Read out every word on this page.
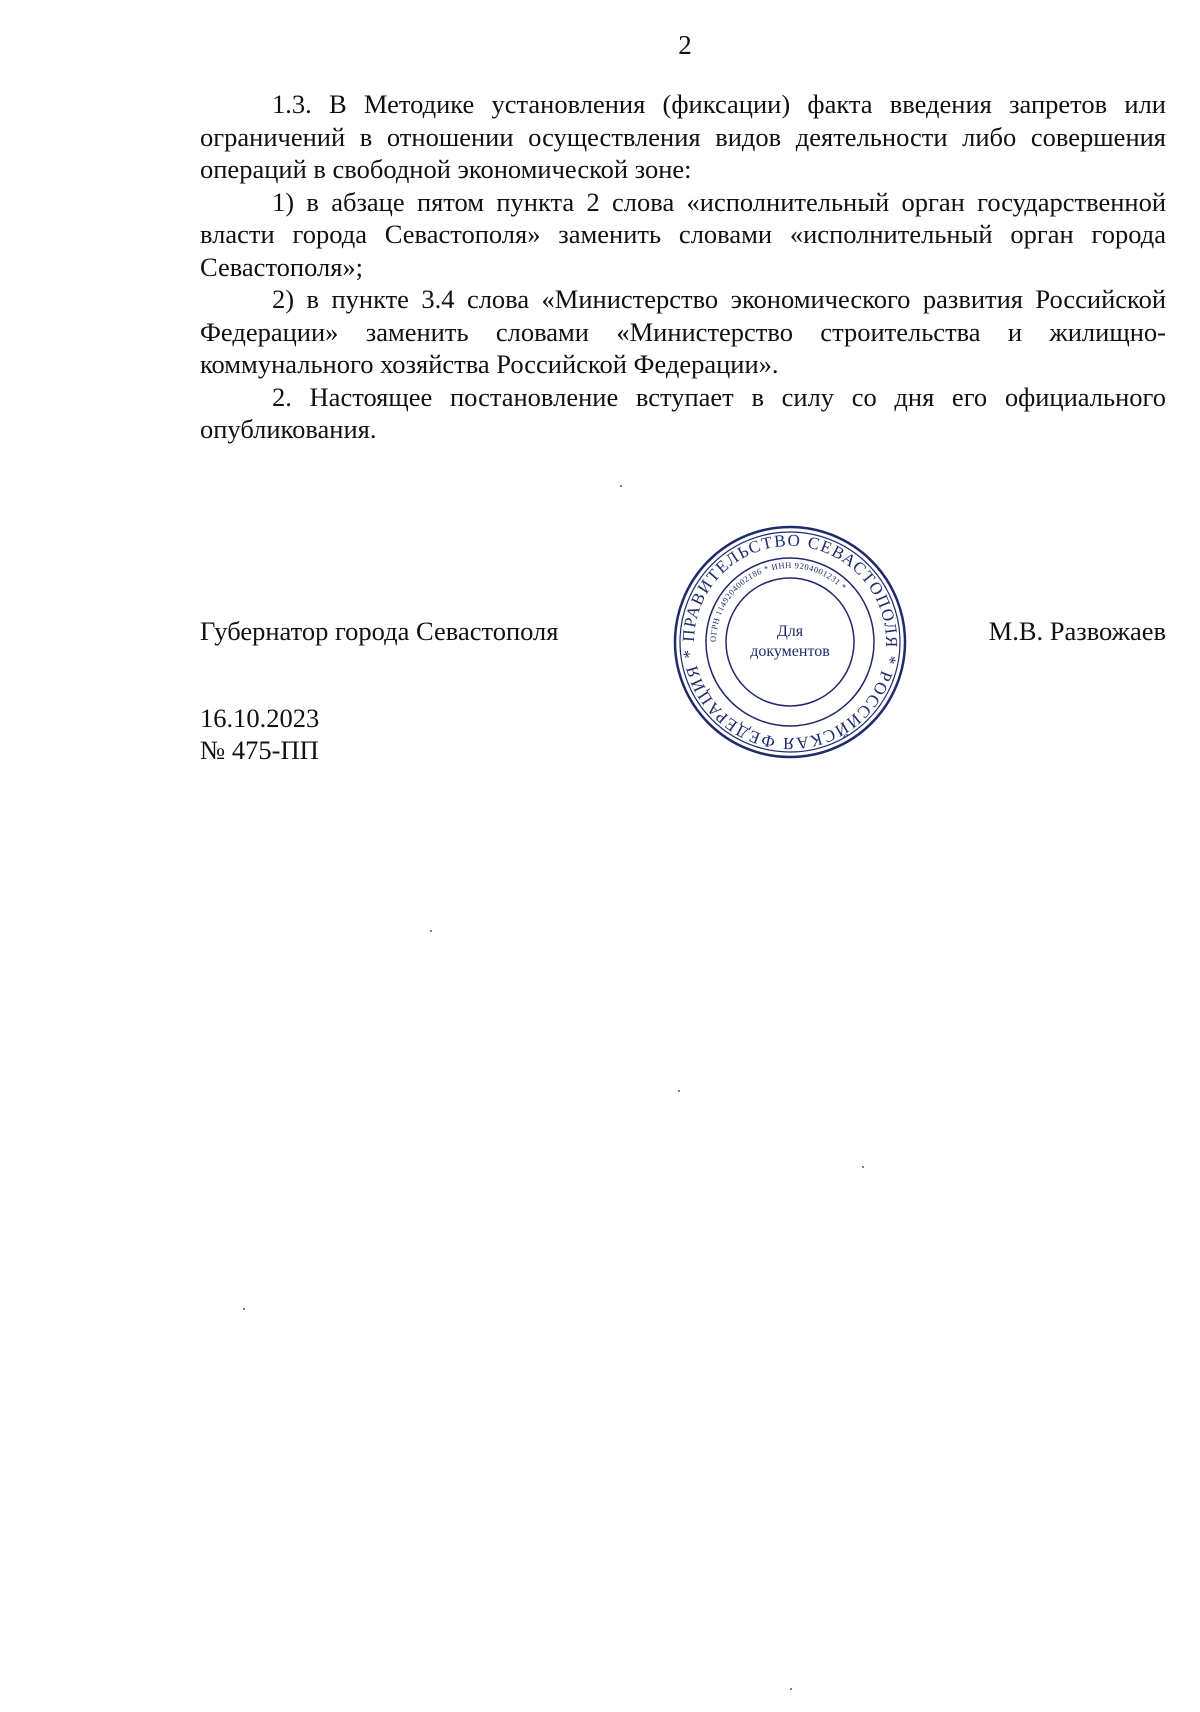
2

1.3. В Методике установления (фиксации) факта введения запретов или ограничений в отношении осуществления видов деятельности либо совершения операций в свободной экономической зоне:

1) в абзаце пятом пункта 2 слова «исполнительный орган государственной власти города Севастополя» заменить словами «исполнительный орган города Севастополя»;

2) в пункте 3.4 слова «Министерство экономического развития Российской Федерации» заменить словами «Министерство строительства и жилищно-коммунального хозяйства Российской Федерации».

2. Настоящее постановление вступает в силу со дня его официального опубликования.

Губернатор города Севастополя	М.В. Развожаев
16.10.2023
№ 475-ПП
ПРАВИТЕЛЬСТВО СЕВАСТОПОЛЯ * РОССИЙСКАЯ ФЕДЕРАЦИЯ *
ОГРН 1149204002186 * ИНН 9204001231 *
Для
документов
